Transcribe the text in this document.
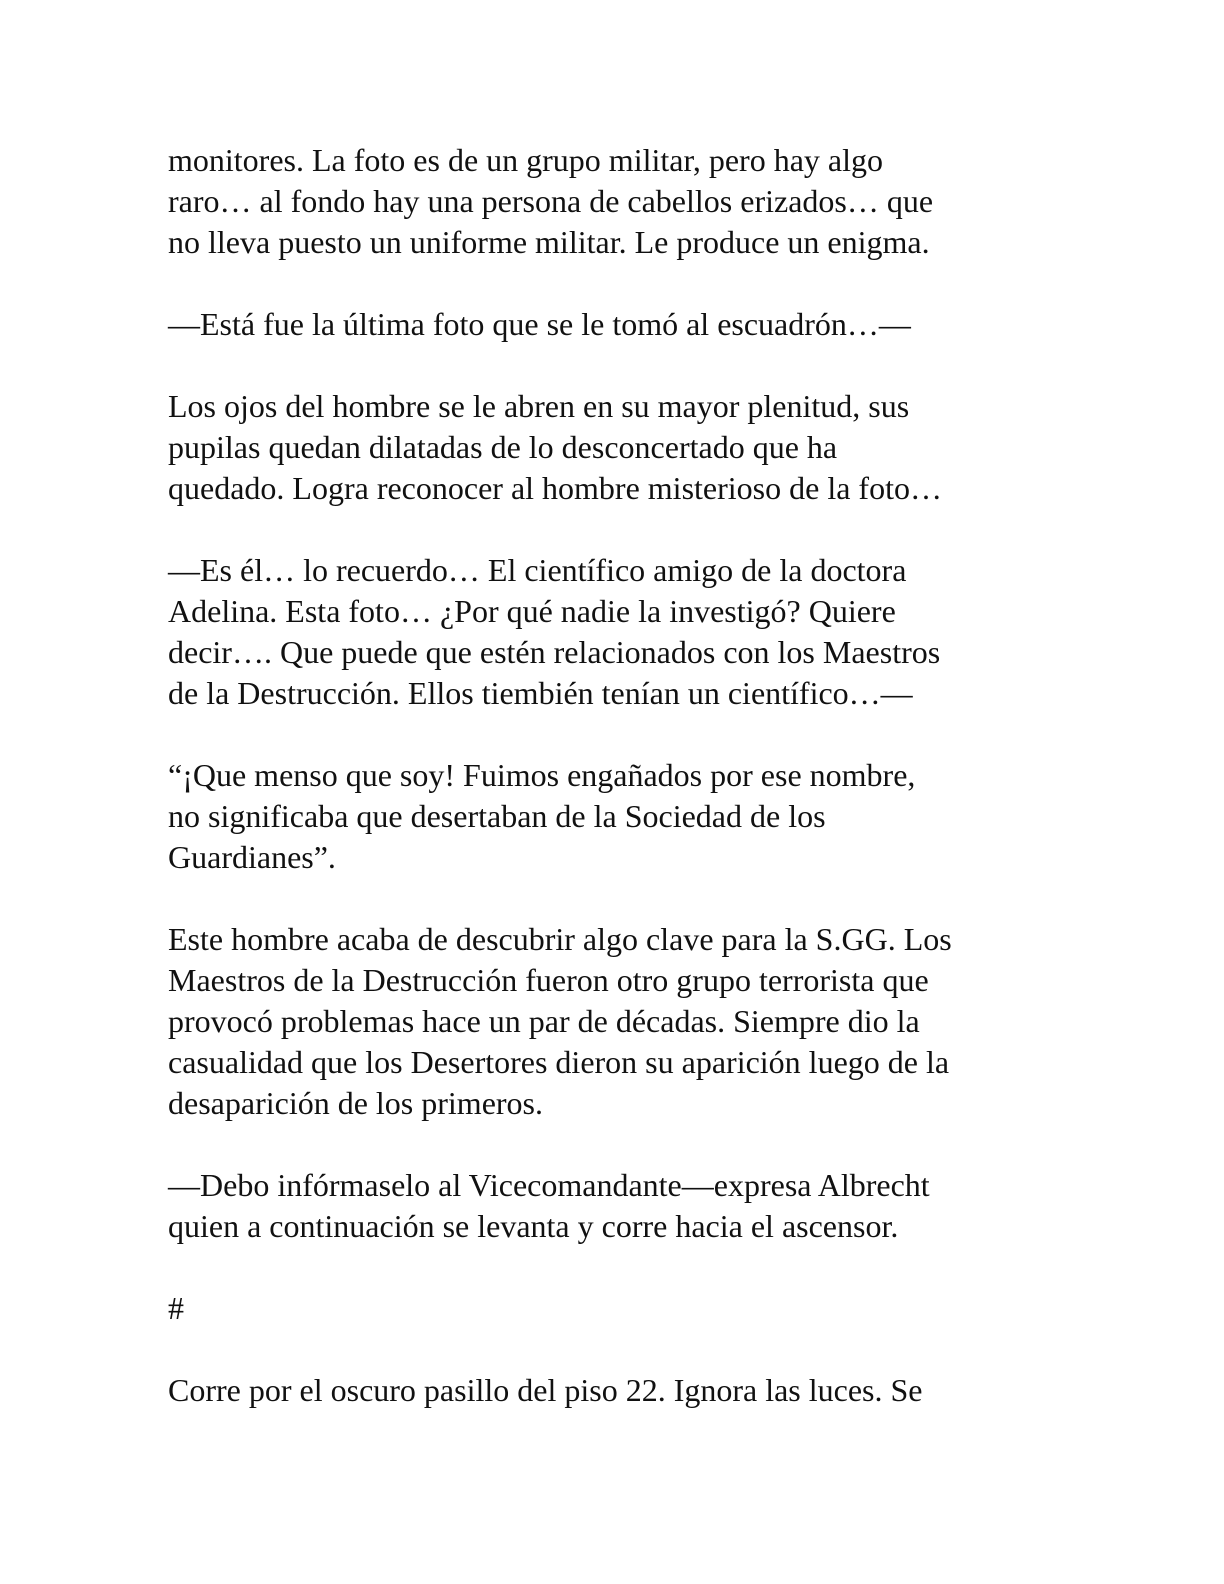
monitores. La foto es de un grupo militar, pero hay algo
raro… al fondo hay una persona de cabellos erizados… que
no lleva puesto un uniforme militar. Le produce un enigma.
—Está fue la última foto que se le tomó al escuadrón…—
Los ojos del hombre se le abren en su mayor plenitud, sus
pupilas quedan dilatadas de lo desconcertado que ha
quedado. Logra reconocer al hombre misterioso de la foto…
—Es él… lo recuerdo… El científico amigo de la doctora
Adelina. Esta foto… ¿Por qué nadie la investigó? Quiere
decir…. Que puede que estén relacionados con los Maestros
de la Destrucción. Ellos tiembién tenían un científico…—
“¡Que menso que soy! Fuimos engañados por ese nombre,
no significaba que desertaban de la Sociedad de los
Guardianes”.
Este hombre acaba de descubrir algo clave para la S.GG. Los
Maestros de la Destrucción fueron otro grupo terrorista que
provocó problemas hace un par de décadas. Siempre dio la
casualidad que los Desertores dieron su aparición luego de la
desaparición de los primeros.
—Debo infórmaselo al Vicecomandante—expresa Albrecht
quien a continuación se levanta y corre hacia el ascensor.
#
Corre por el oscuro pasillo del piso 22. Ignora las luces. Se
